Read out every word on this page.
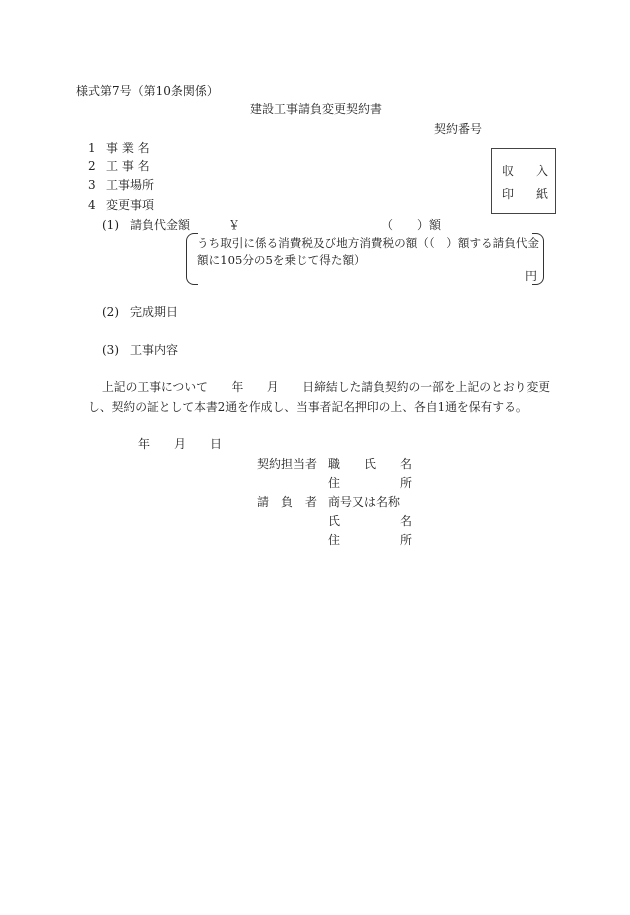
様式第7号（第10条関係）
建設工事請負変更契約書
契約番号
収 入
印 紙
1 事 業 名
2 工 事 名
3 工事場所
4 変更事項
(1) 請負代金額	￥	（　　）額
うち取引に係る消費税及び地方消費税の額（（　）額する請負代金
額に105分の5を乗じて得た額）
円
(2) 完成期日
(3) 工事内容
上記の工事について　　年　　月　　日締結した請負契約の一部を上記のとおり変更
し、契約の証として本書2通を作成し、当事者記名押印の上、各自1通を保有する。
年　　月　　日
契約担当者 職　　氏　　名
住　　　　　所
請　負　者 商号又は名称
氏　　　　　名
住　　　　　所
